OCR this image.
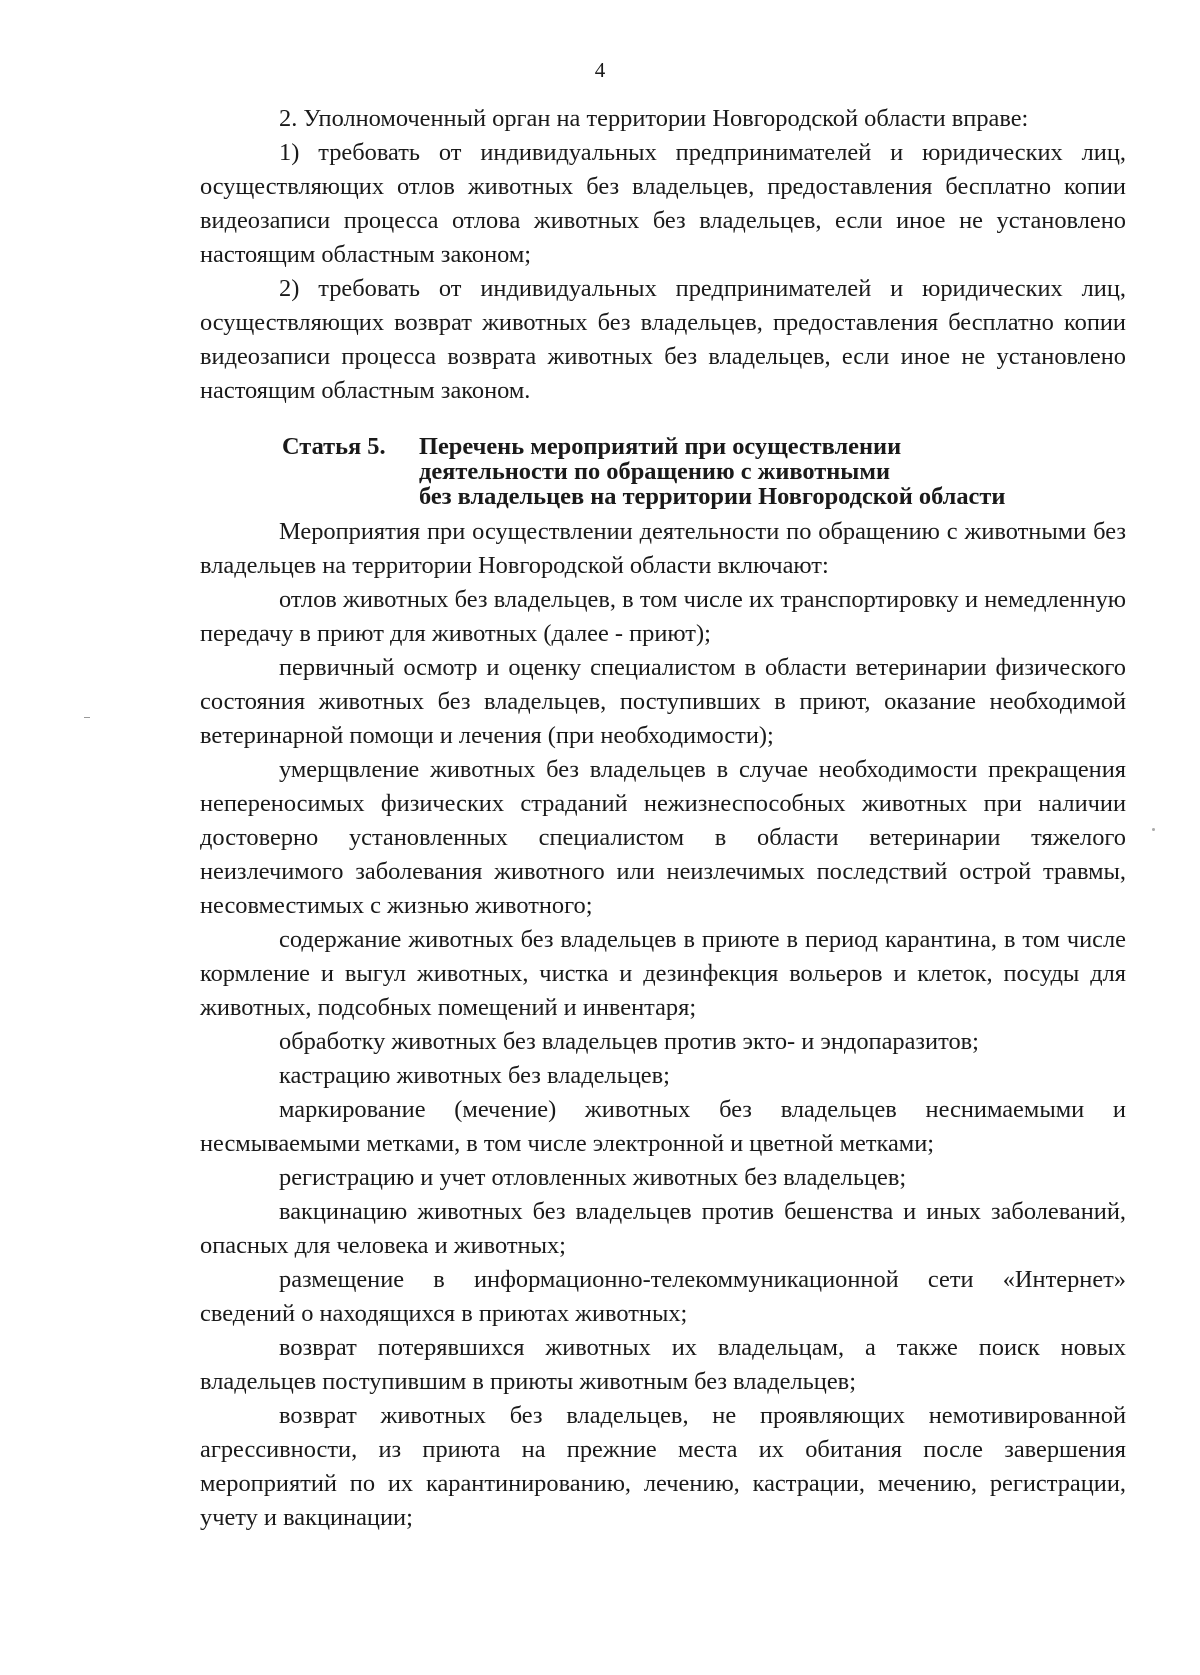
4

2. Уполномоченный орган на территории Новгородской области вправе:

1) требовать от индивидуальных предпринимателей и юридических лиц, осуществляющих отлов животных без владельцев, предоставления бесплатно копии видеозаписи процесса отлова животных без владельцев, если иное не установлено настоящим областным законом;

2) требовать от индивидуальных предпринимателей и юридических лиц, осуществляющих возврат животных без владельцев, предоставления бесплатно копии видеозаписи процесса возврата животных без владельцев, если иное не установлено настоящим областным законом.

Статья 5.	Перечень мероприятий при осуществлении
деятельности по обращению с животными
без владельцев на территории Новгородской области

Мероприятия при осуществлении деятельности по обращению с животными без владельцев на территории Новгородской области включают:

отлов животных без владельцев, в том числе их транспортировку и немедленную передачу в приют для животных (далее - приют);

первичный осмотр и оценку специалистом в области ветеринарии физического состояния животных без владельцев, поступивших в приют, оказание необходимой ветеринарной помощи и лечения (при необходимости);

умерщвление животных без владельцев в случае необходимости прекращения непереносимых физических страданий нежизнеспособных животных при наличии достоверно установленных специалистом в области ветеринарии тяжелого неизлечимого заболевания животного или неизлечимых последствий острой травмы, несовместимых с жизнью животного;

содержание животных без владельцев в приюте в период карантина, в том числе кормление и выгул животных, чистка и дезинфекция вольеров и клеток, посуды для животных, подсобных помещений и инвентаря;

обработку животных без владельцев против экто- и эндопаразитов;

кастрацию животных без владельцев;

маркирование (мечение) животных без владельцев неснимаемыми и несмываемыми метками, в том числе электронной и цветной метками;

регистрацию и учет отловленных животных без владельцев;

вакцинацию животных без владельцев против бешенства и иных заболеваний, опасных для человека и животных;

размещение в информационно-телекоммуникационной сети «Интернет» сведений о находящихся в приютах животных;

возврат потерявшихся животных их владельцам, а также поиск новых владельцев поступившим в приюты животным без владельцев;

возврат животных без владельцев, не проявляющих немотивированной агрессивности, из приюта на прежние места их обитания после завершения мероприятий по их карантинированию, лечению, кастрации, мечению, регистрации, учету и вакцинации;
